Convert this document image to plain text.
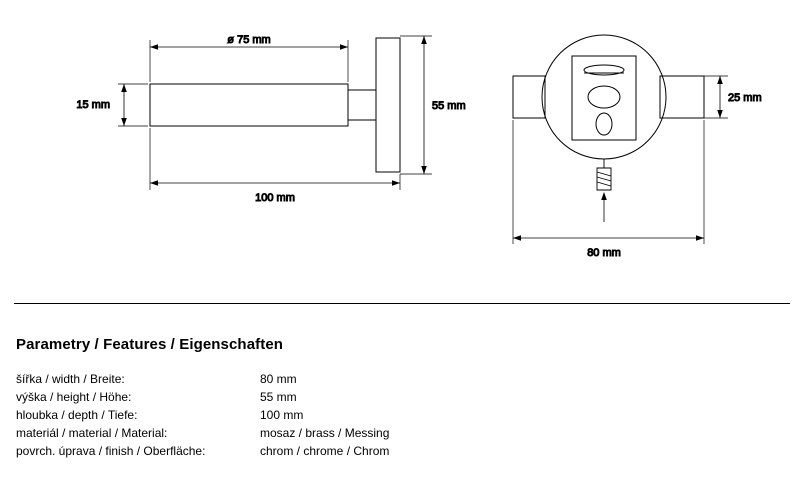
ø 75 mm
15 mm	55 mm
100 mm
25 mm
80 mm
Parametry / Features / Eigenschaften
šířka / width / Breite:	80 mm
výška / height / Höhe:	55 mm
hloubka / depth / Tiefe:	100 mm
materiál / material / Material:	mosaz / brass / Messing
povrch. úprava / finish / Oberfläche:	chrom / chrome / Chrom
